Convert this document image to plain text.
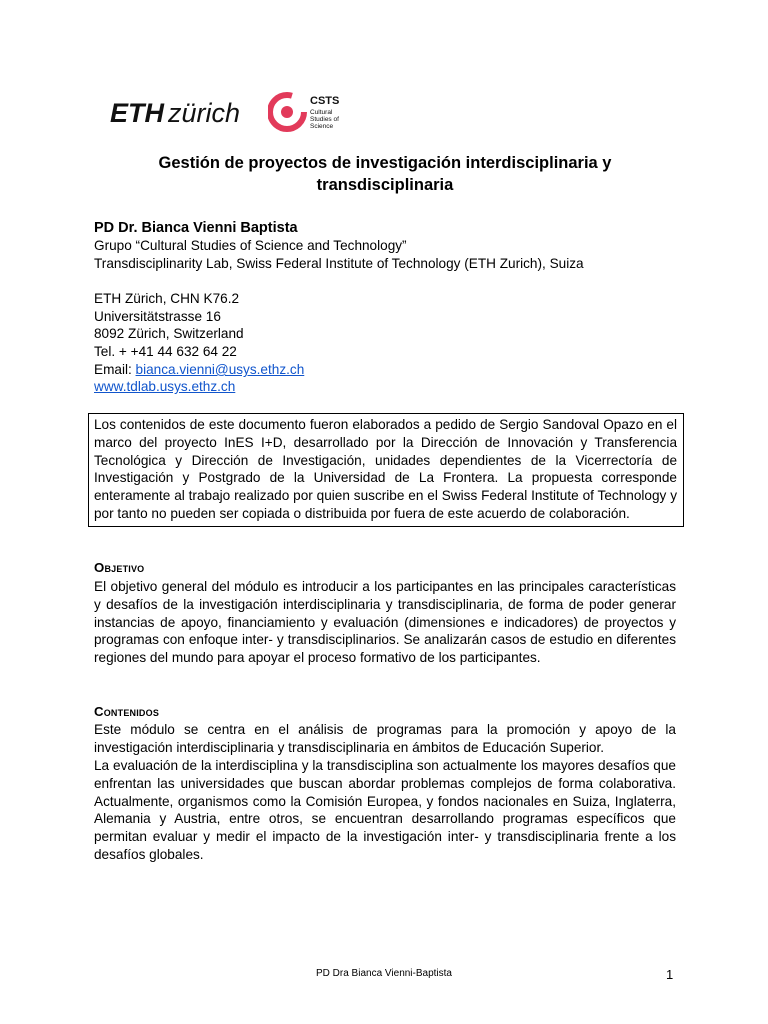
ETH zürich	CSTS
Cultural
Studies of
Science
Gestión de proyectos de investigación interdisciplinaria y
transdisciplinaria
PD Dr. Bianca Vienni Baptista
Grupo “Cultural Studies of Science and Technology”
Transdisciplinarity Lab, Swiss Federal Institute of Technology (ETH Zurich), Suiza
ETH Zürich, CHN K76.2
Universitätstrasse 16
8092 Zürich, Switzerland
Tel. + +41 44 632 64 22
Email: bianca.vienni@usys.ethz.ch
www.tdlab.usys.ethz.ch
Los contenidos de este documento fueron elaborados a pedido de Sergio Sandoval Opazo en el marco del proyecto InES I+D, desarrollado por la Dirección de Innovación y Transferencia Tecnológica y Dirección de Investigación, unidades dependientes de la Vicerrectoría de Investigación y Postgrado de la Universidad de La Frontera. La propuesta corresponde enteramente al trabajo realizado por quien suscribe en el Swiss Federal Institute of Technology y por tanto no pueden ser copiada o distribuida por fuera de este acuerdo de colaboración.
Objetivo
El objetivo general del módulo es introducir a los participantes en las principales características y desafíos de la investigación interdisciplinaria y transdisciplinaria, de forma de poder generar instancias de apoyo, financiamiento y evaluación (dimensiones e indicadores) de proyectos y programas con enfoque inter- y transdisciplinarios. Se analizarán casos de estudio en diferentes regiones del mundo para apoyar el proceso formativo de los participantes.
Contenidos
Este módulo se centra en el análisis de programas para la promoción y apoyo de la investigación interdisciplinaria y transdisciplinaria en ámbitos de Educación Superior.
La evaluación de la interdisciplina y la transdisciplina son actualmente los mayores desafíos que enfrentan las universidades que buscan abordar problemas complejos de forma colaborativa. Actualmente, organismos como la Comisión Europea, y fondos nacionales en Suiza, Inglaterra, Alemania y Austria, entre otros, se encuentran desarrollando programas específicos que permitan evaluar y medir el impacto de la investigación inter- y transdisciplinaria frente a los desafíos globales.
PD Dra Bianca Vienni-Baptista	1
